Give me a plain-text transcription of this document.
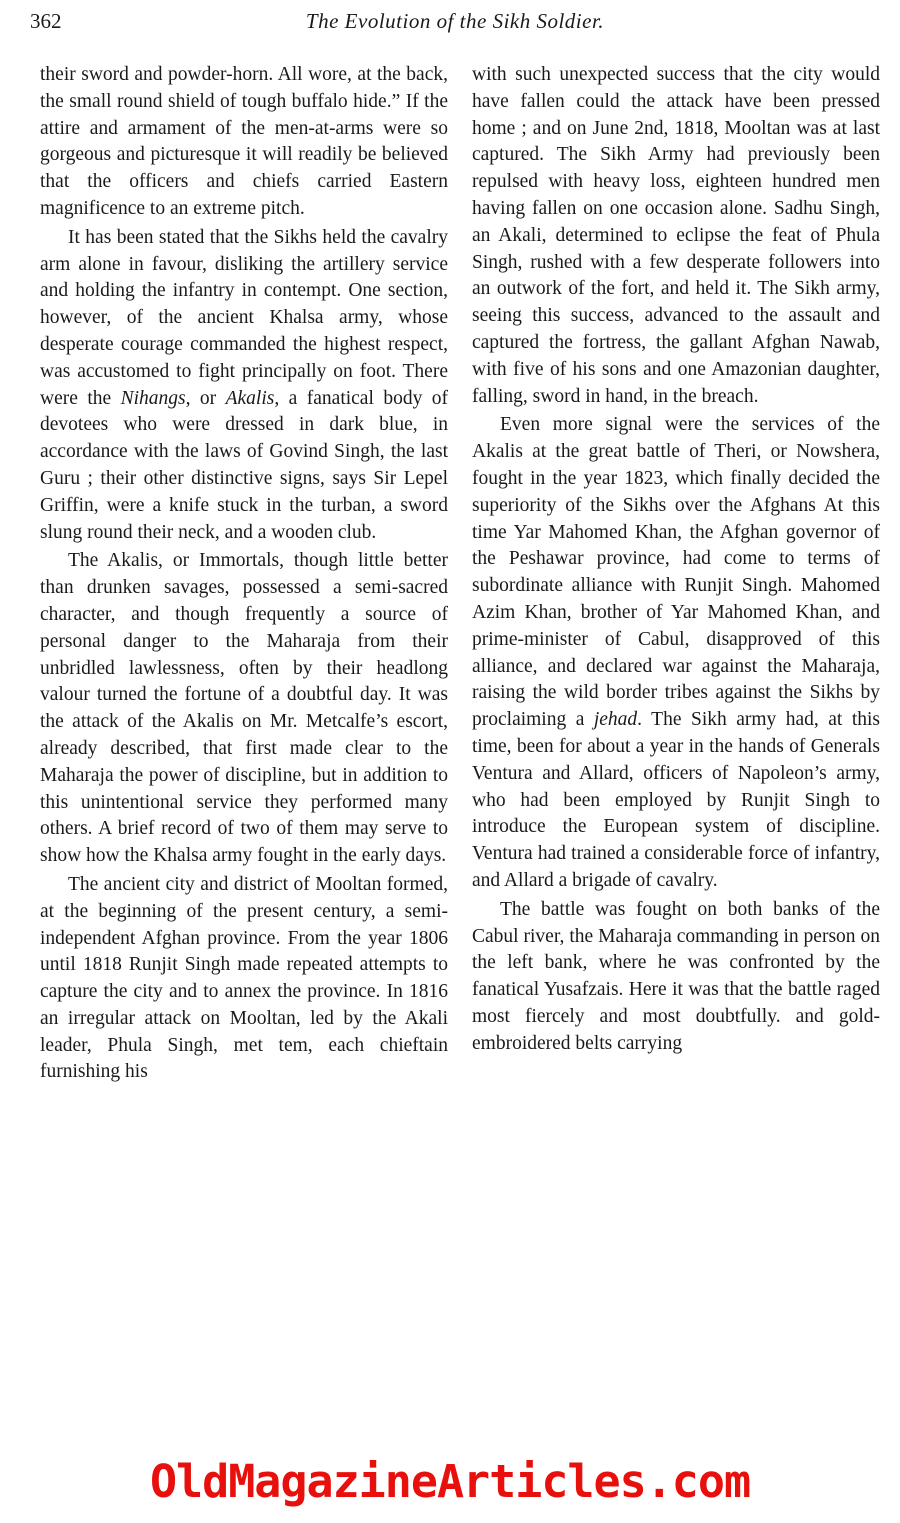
362	The Evolution of the Sikh Soldier.

their sword and powder-horn. All wore, at the back, the small round shield of tough buffalo hide.” If the attire and armament of the men-at-arms were so gorgeous and picturesque it will readily be believed that the officers and chiefs carried Eastern magnificence to an extreme pitch.

It has been stated that the Sikhs held the cavalry arm alone in favour, disliking the artillery service and holding the infantry in contempt. One section, however, of the ancient Khalsa army, whose desperate courage commanded the highest respect, was accustomed to fight principally on foot. There were the Nihangs, or Akalis, a fanatical body of devotees who were dressed in dark blue, in accordance with the laws of Govind Singh, the last Guru ; their other distinctive signs, says Sir Lepel Griffin, were a knife stuck in the turban, a sword slung round their neck, and a wooden club.

The Akalis, or Immortals, though little better than drunken savages, possessed a semi-sacred character, and though frequently a source of personal danger to the Maharaja from their unbridled lawlessness, often by their headlong valour turned the fortune of a doubtful day. It was the attack of the Akalis on Mr. Metcalfe’s escort, already described, that first made clear to the Maharaja the power of discipline, but in addition to this unintentional service they performed many others. A brief record of two of them may serve to show how the Khalsa army fought in the early days.

The ancient city and district of Mooltan formed, at the beginning of the present century, a semi-independent Afghan province. From the year 1806 until 1818 Runjit Singh made repeated attempts to capture the city and to annex the province. In 1816 an irregular attack on Mooltan, led by the Akali leader, Phula Singh, met tem, each chieftain furnishing his

with such unexpected success that the city would have fallen could the attack have been pressed home ; and on June 2nd, 1818, Mooltan was at last captured. The Sikh Army had previously been repulsed with heavy loss, eighteen hundred men having fallen on one occasion alone. Sadhu Singh, an Akali, determined to eclipse the feat of Phula Singh, rushed with a few desperate followers into an outwork of the fort, and held it. The Sikh army, seeing this success, advanced to the assault and captured the fortress, the gallant Afghan Nawab, with five of his sons and one Amazonian daughter, falling, sword in hand, in the breach.

Even more signal were the services of the Akalis at the great battle of Theri, or Nowshera, fought in the year 1823, which finally decided the superiority of the Sikhs over the Afghans At this time Yar Mahomed Khan, the Afghan governor of the Peshawar province, had come to terms of subordinate alliance with Runjit Singh. Mahomed Azim Khan, brother of Yar Mahomed Khan, and prime-minister of Cabul, disapproved of this alliance, and declared war against the Maharaja, raising the wild border tribes against the Sikhs by proclaiming a jehad. The Sikh army had, at this time, been for about a year in the hands of Generals Ventura and Allard, officers of Napoleon’s army, who had been employed by Runjit Singh to introduce the European system of discipline. Ventura had trained a considerable force of infantry, and Allard a brigade of cavalry.

The battle was fought on both banks of the Cabul river, the Maharaja commanding in person on the left bank, where he was confronted by the fanatical Yusafzais. Here it was that the battle raged most fiercely and most doubtfully. and gold-embroidered belts carrying

OldMagazineArticles.com
